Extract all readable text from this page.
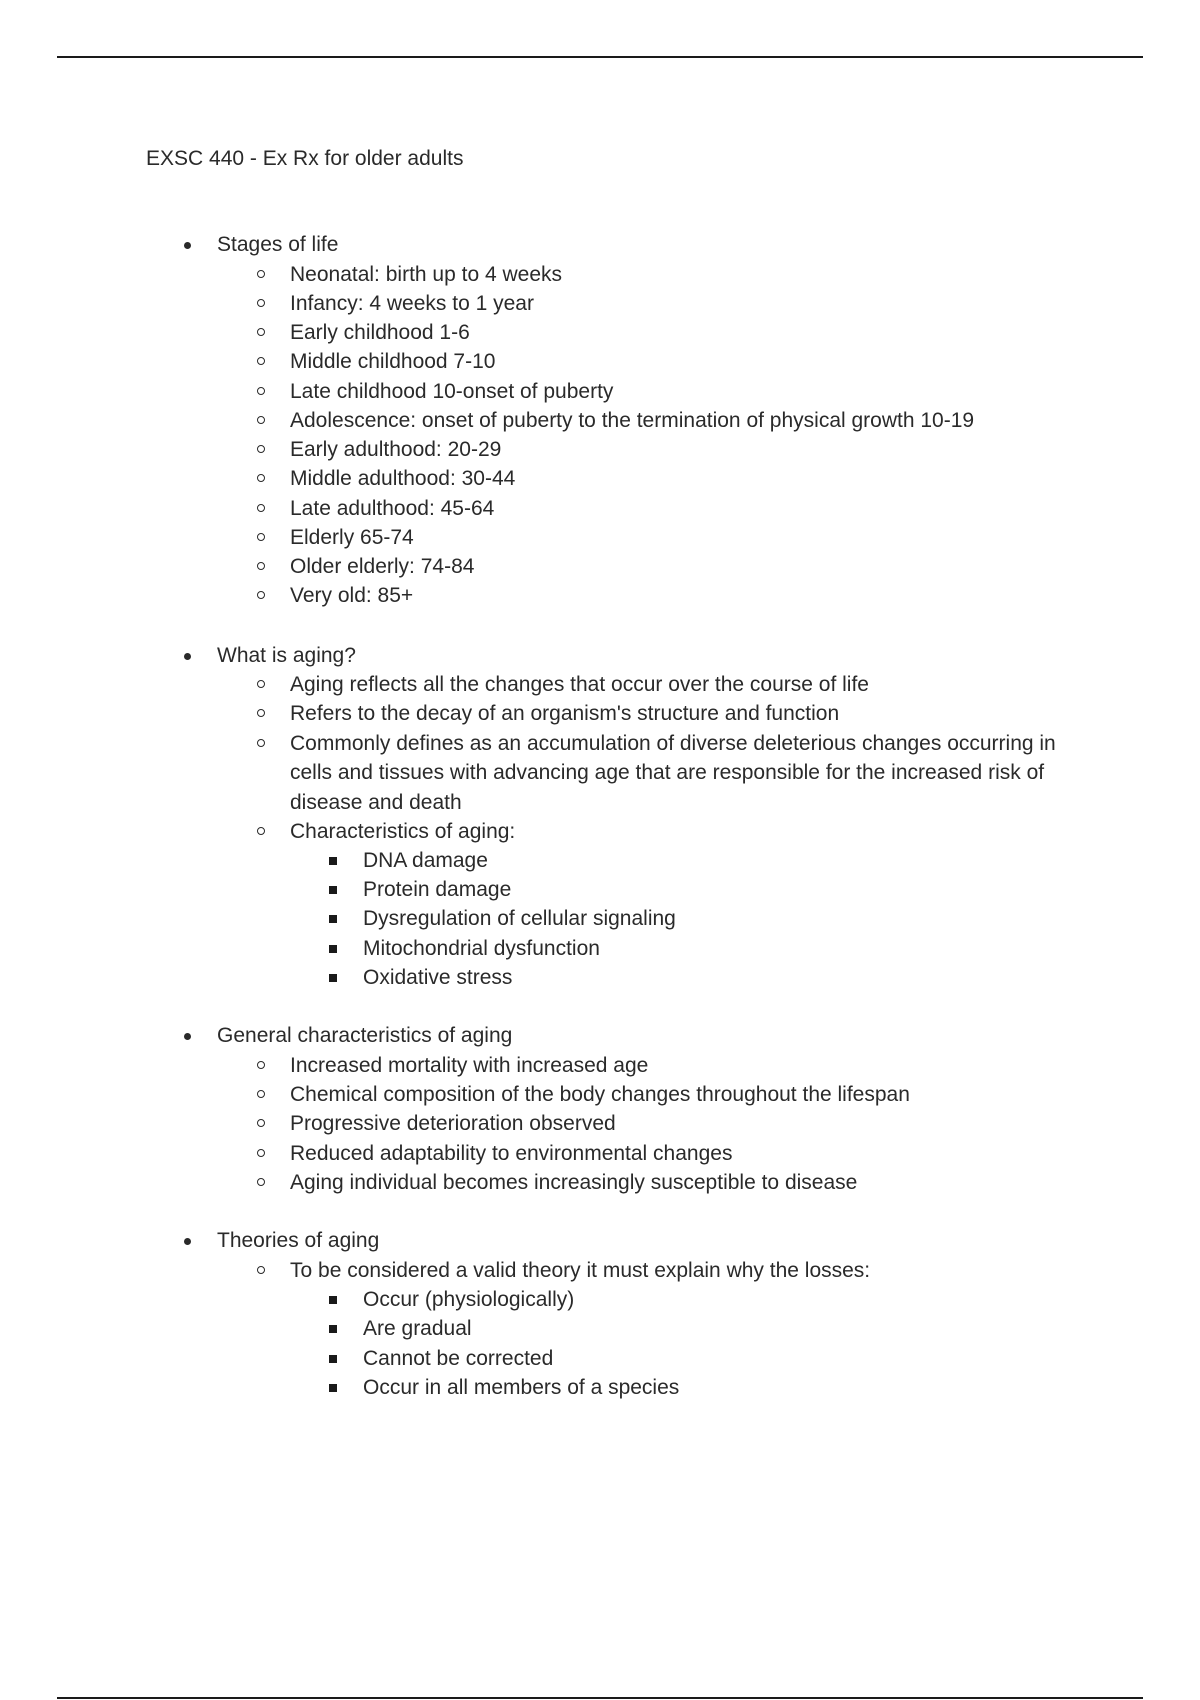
EXSC 440 - Ex Rx for older adults
Stages of life
Neonatal: birth up to 4 weeks
Infancy: 4 weeks to 1 year
Early childhood 1-6
Middle childhood 7-10
Late childhood 10-onset of puberty
Adolescence: onset of puberty to the termination of physical growth 10-19
Early adulthood: 20-29
Middle adulthood: 30-44
Late adulthood: 45-64
Elderly 65-74
Older elderly: 74-84
Very old: 85+
What is aging?
Aging reflects all the changes that occur over the course of life
Refers to the decay of an organism's structure and function
Commonly defines as an accumulation of diverse deleterious changes occurring in cells and tissues with advancing age that are responsible for the increased risk of disease and death
Characteristics of aging:
DNA damage
Protein damage
Dysregulation of cellular signaling
Mitochondrial dysfunction
Oxidative stress
General characteristics of aging
Increased mortality with increased age
Chemical composition of the body changes throughout the lifespan
Progressive deterioration observed
Reduced adaptability to environmental changes
Aging individual becomes increasingly susceptible to disease
Theories of aging
To be considered a valid theory it must explain why the losses:
Occur (physiologically)
Are gradual
Cannot be corrected
Occur in all members of a species
